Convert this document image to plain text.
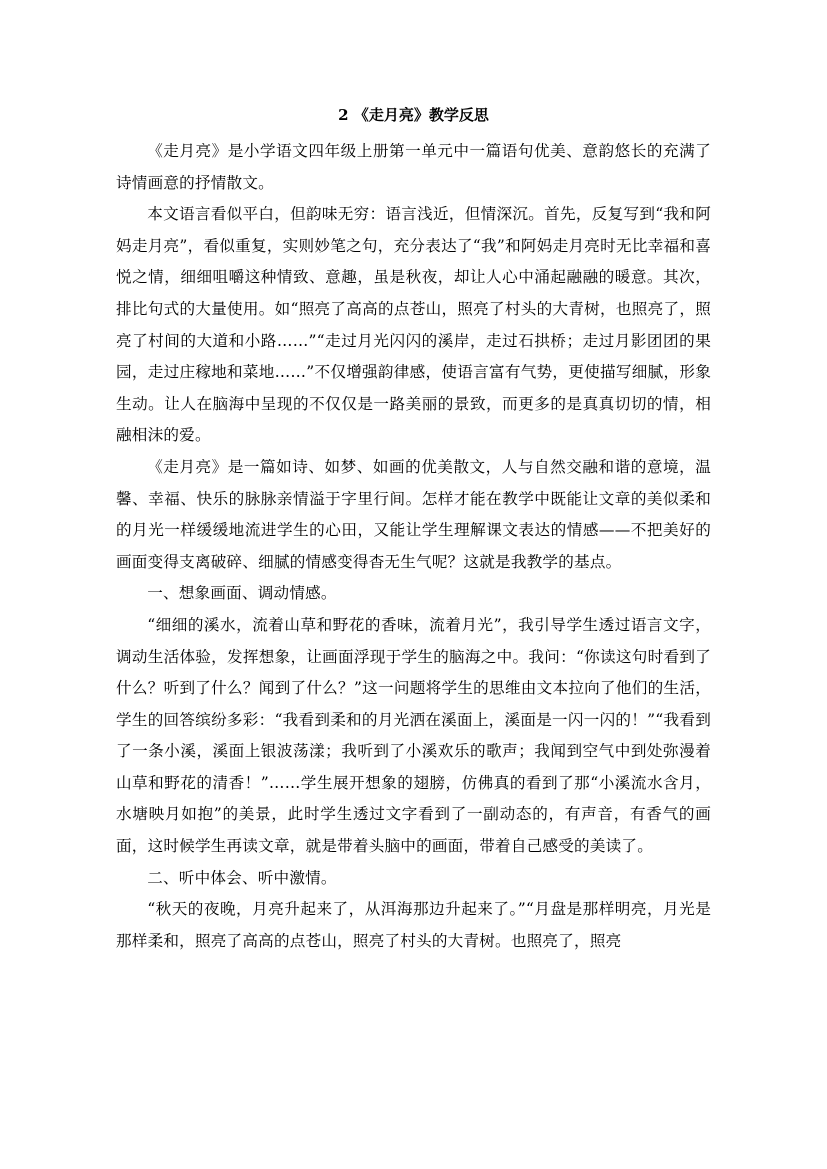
2 《走月亮》教学反思

《走月亮》是小学语文四年级上册第一单元中一篇语句优美、意韵悠长的充满了诗情画意的抒情散文。

本文语言看似平白，但韵味无穷：语言浅近，但情深沉。首先，反复写到“我和阿妈走月亮”，看似重复，实则妙笔之句，充分表达了“我”和阿妈走月亮时无比幸福和喜悦之情，细细咀嚼这种情致、意趣，虽是秋夜，却让人心中涌起融融的暖意。其次，排比句式的大量使用。如“照亮了高高的点苍山，照亮了村头的大青树，也照亮了，照亮了村间的大道和小路……”“走过月光闪闪的溪岸，走过石拱桥；走过月影团团的果园，走过庄稼地和菜地……”不仅增强韵律感，使语言富有气势，更使描写细腻，形象生动。让人在脑海中呈现的不仅仅是一路美丽的景致，而更多的是真真切切的情，相融相沫的爱。

《走月亮》是一篇如诗、如梦、如画的优美散文，人与自然交融和谐的意境，温馨、幸福、快乐的脉脉亲情溢于字里行间。怎样才能在教学中既能让文章的美似柔和的月光一样缓缓地流进学生的心田，又能让学生理解课文表达的情感——不把美好的画面变得支离破碎、细腻的情感变得杳无生气呢？这就是我教学的基点。

一、想象画面、调动情感。

“细细的溪水，流着山草和野花的香味，流着月光”，我引导学生透过语言文字，调动生活体验，发挥想象，让画面浮现于学生的脑海之中。我问：“你读这句时看到了什么？听到了什么？闻到了什么？”这一问题将学生的思维由文本拉向了他们的生活，学生的回答缤纷多彩：“我看到柔和的月光洒在溪面上，溪面是一闪一闪的！”“我看到了一条小溪，溪面上银波荡漾；我听到了小溪欢乐的歌声；我闻到空气中到处弥漫着山草和野花的清香！”……学生展开想象的翅膀，仿佛真的看到了那“小溪流水含月，水塘映月如抱”的美景，此时学生透过文字看到了一副动态的，有声音，有香气的画面，这时候学生再读文章，就是带着头脑中的画面，带着自己感受的美读了。

二、听中体会、听中激情。

“秋天的夜晚，月亮升起来了，从洱海那边升起来了。”“月盘是那样明亮，月光是那样柔和，照亮了高高的点苍山，照亮了村头的大青树。也照亮了，照亮
